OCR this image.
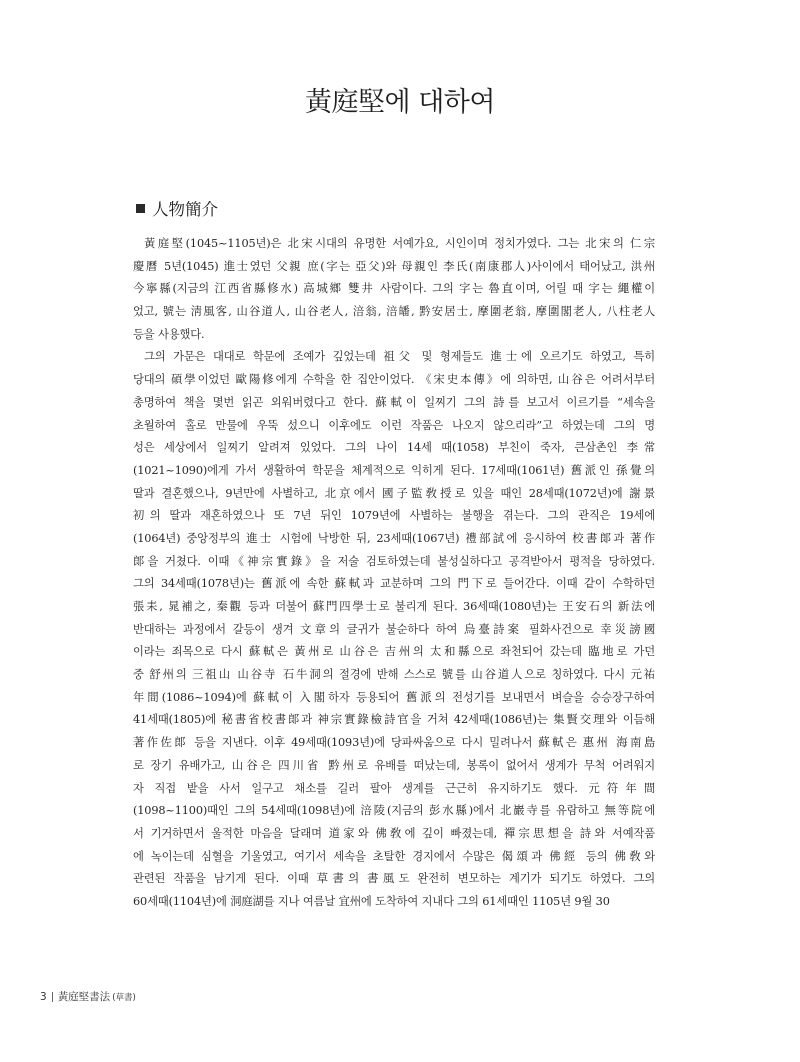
黃庭堅에 대하여
人物簡介
黃庭堅(1045~1105년)은 北宋시대의 유명한 서예가요, 시인이며 정치가였다. 그는 北宋의 仁宗
慶曆 5년(1045) 進士였던 父親 庶(字는 亞父)와 母親인 李氏(南康郡人)사이에서 태어났고, 洪州
今寧縣(지금의 江西省縣修水) 高城鄉 雙井 사람이다. 그의 字는 魯直이며, 어릴 때 字는 繩權이
었고, 號는 淸風客, 山谷道人, 山谷老人, 涪翁, 涪皤, 黔安居士, 摩圍老翁, 摩圍閣老人, 八柱老人
등을 사용했다.
그의 가문은 대대로 학문에 조예가 깊었는데 祖父 및 형제들도 進士에 오르기도 하였고, 특히
당대의 碩學이었던 歐陽修에게 수학을 한 집안이었다. 《宋史本傳》에 의하면, 山谷은 어려서부터
총명하여 책을 몇번 읽곤 외워버렸다고 한다. 蘇軾이 일찌기 그의 詩를 보고서 이르기를 “세속을
초월하여 홀로 만물에 우뚝 섰으니 이후에도 이런 작품은 나오지 않으리라”고 하였는데 그의 명
성은 세상에서 일찌기 알려져 있었다. 그의 나이 14세 때(1058) 부친이 죽자, 큰삼촌인 李常
(1021~1090)에게 가서 생활하여 학문을 체계적으로 익히게 된다. 17세때(1061년) 舊派인 孫覺의
딸과 결혼했으나, 9년만에 사별하고, 北京에서 國子監敎授로 있을 때인 28세때(1072년)에 謝景
初의 딸과 재혼하였으나 또 7년 뒤인 1079년에 사별하는 불행을 겪는다. 그의 관직은 19세에
(1064년) 중앙정부의 進士 시험에 낙방한 뒤, 23세때(1067년) 禮部試에 응시하여 校書郞과 著作
郞을 거쳤다. 이때《神宗實錄》을 저술 검토하였는데 불성실하다고 공격받아서 평적을 당하였다.
그의 34세때(1078년)는 舊派에 속한 蘇軾과 교분하며 그의 門下로 들어간다. 이때 같이 수학하던
張耒, 晁補之, 秦觀 등과 더불어 蘇門四學士로 불리게 된다. 36세때(1080년)는 王安石의 新法에
반대하는 과정에서 갈등이 생겨 文章의 글귀가 불순하다 하여 烏臺詩案 필화사건으로 幸災謗國
이라는 죄목으로 다시 蘇軾은 黃州로 山谷은 吉州의 太和縣으로 좌천되어 갔는데 臨地로 가던
중 舒州의 三祖山 山谷寺 石牛洞의 절경에 반해 스스로 號를 山谷道人으로 칭하였다. 다시 元祐
年間(1086~1094)에 蘇軾이 入閣하자 등용되어 舊派의 전성기를 보내면서 벼슬을 승승장구하여
41세때(1805)에 秘書省校書郞과 神宗實錄檢詩官을 거쳐 42세때(1086년)는 集賢交理와 이듬해
著作佐郞 등을 지낸다. 이후 49세때(1093년)에 당파싸움으로 다시 밀려나서 蘇軾은 惠州 海南島
로 장기 유배가고, 山谷은 四川省 黔州로 유배를 떠났는데, 봉록이 없어서 생계가 무척 어려워지
자 직접 밭을 사서 일구고 채소를 길러 팔아 생계를 근근히 유지하기도 했다. 元符年間
(1098~1100)때인 그의 54세때(1098년)에 涪陵(지금의 彭水縣)에서 北巖寺를 유람하고 無等院에
서 기거하면서 울적한 마음을 달래며 道家와 佛敎에 깊이 빠졌는데, 禪宗思想을 詩와 서예작품
에 녹이는데 심혈을 기울였고, 여기서 세속을 초탈한 경지에서 수많은 偈頌과 佛經 등의 佛敎와
관련된 작품을 남기게 된다. 이때 草書의 書風도 완전히 변모하는 계기가 되기도 하였다. 그의
60세때(1104년)에 洞庭湖를 지나 여름날 宜州에 도착하여 지내다 그의 61세때인 1105년 9월 30
3 黃庭堅書法 (草書)
